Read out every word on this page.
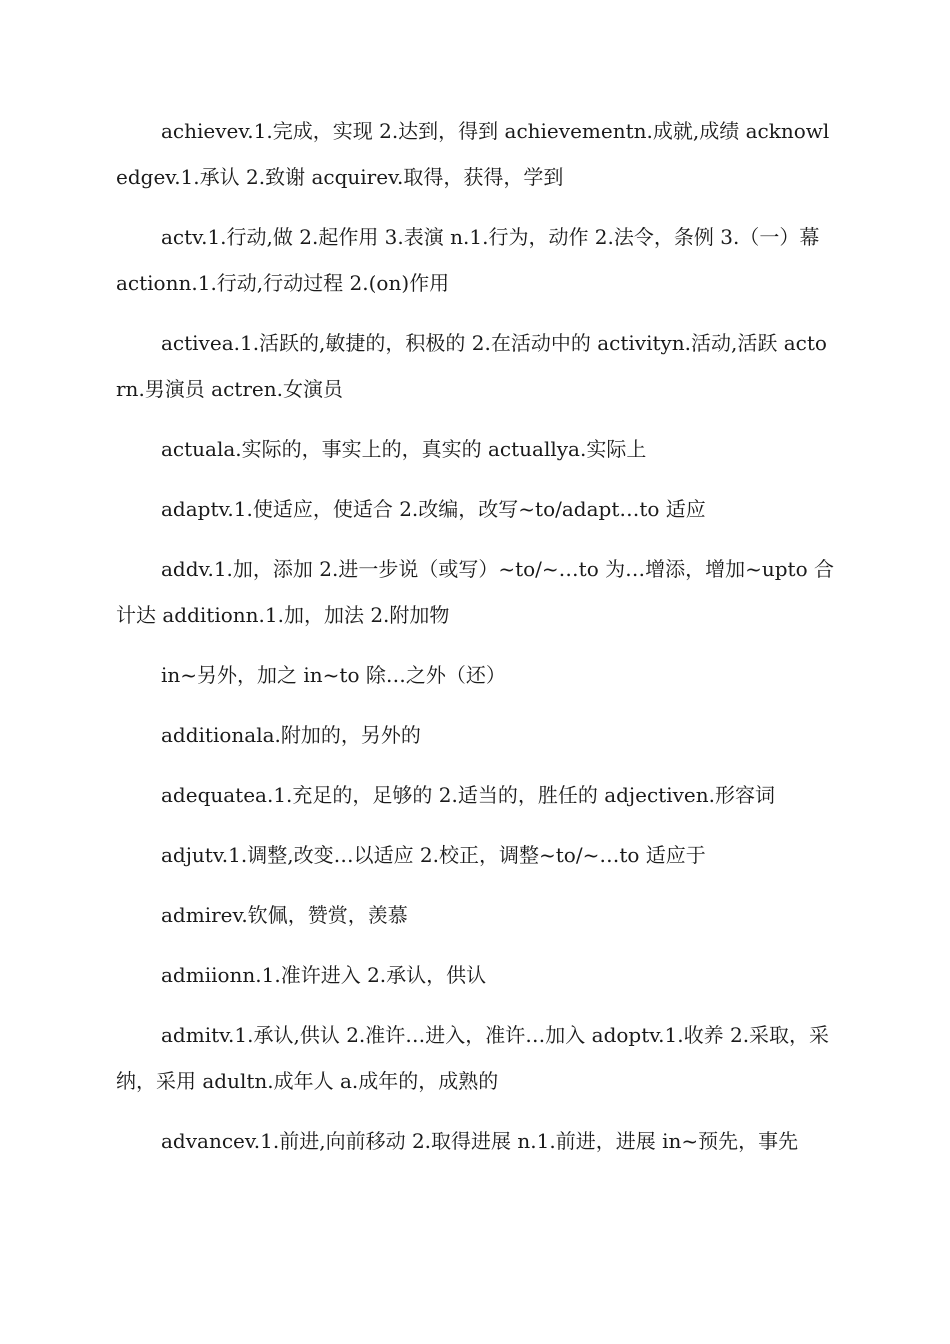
achievev.1.完成，实现 2.达到，得到 achievementn.成就,成绩 acknowledgev.1.承认 2.致谢 acquirev.取得，获得，学到

actv.1.行动,做 2.起作用 3.表演 n.1.行为，动作 2.法令，条例 3.（一）幕 actionn.1.行动,行动过程 2.(on)作用

activea.1.活跃的,敏捷的，积极的 2.在活动中的 activityn.活动,活跃 actorn.男演员 actren.女演员

actuala.实际的，事实上的，真实的 actuallya.实际上

adaptv.1.使适应，使适合 2.改编，改写~to/adapt…to 适应

addv.1.加，添加 2.进一步说（或写）~to/~…to 为…增添，增加~upto 合计达 additionn.1.加，加法 2.附加物

in~另外，加之 in~to 除…之外（还）

additionala.附加的，另外的

adequatea.1.充足的，足够的 2.适当的，胜任的 adjectiven.形容词

adjutv.1.调整,改变…以适应 2.校正，调整~to/~…to 适应于

admirev.钦佩，赞赏，羡慕

admiionn.1.准许进入 2.承认，供认

admitv.1.承认,供认 2.准许…进入，准许…加入 adoptv.1.收养 2.采取，采纳，采用 adultn.成年人 a.成年的，成熟的

advancev.1.前进,向前移动 2.取得进展 n.1.前进，进展 in~预先，事先
